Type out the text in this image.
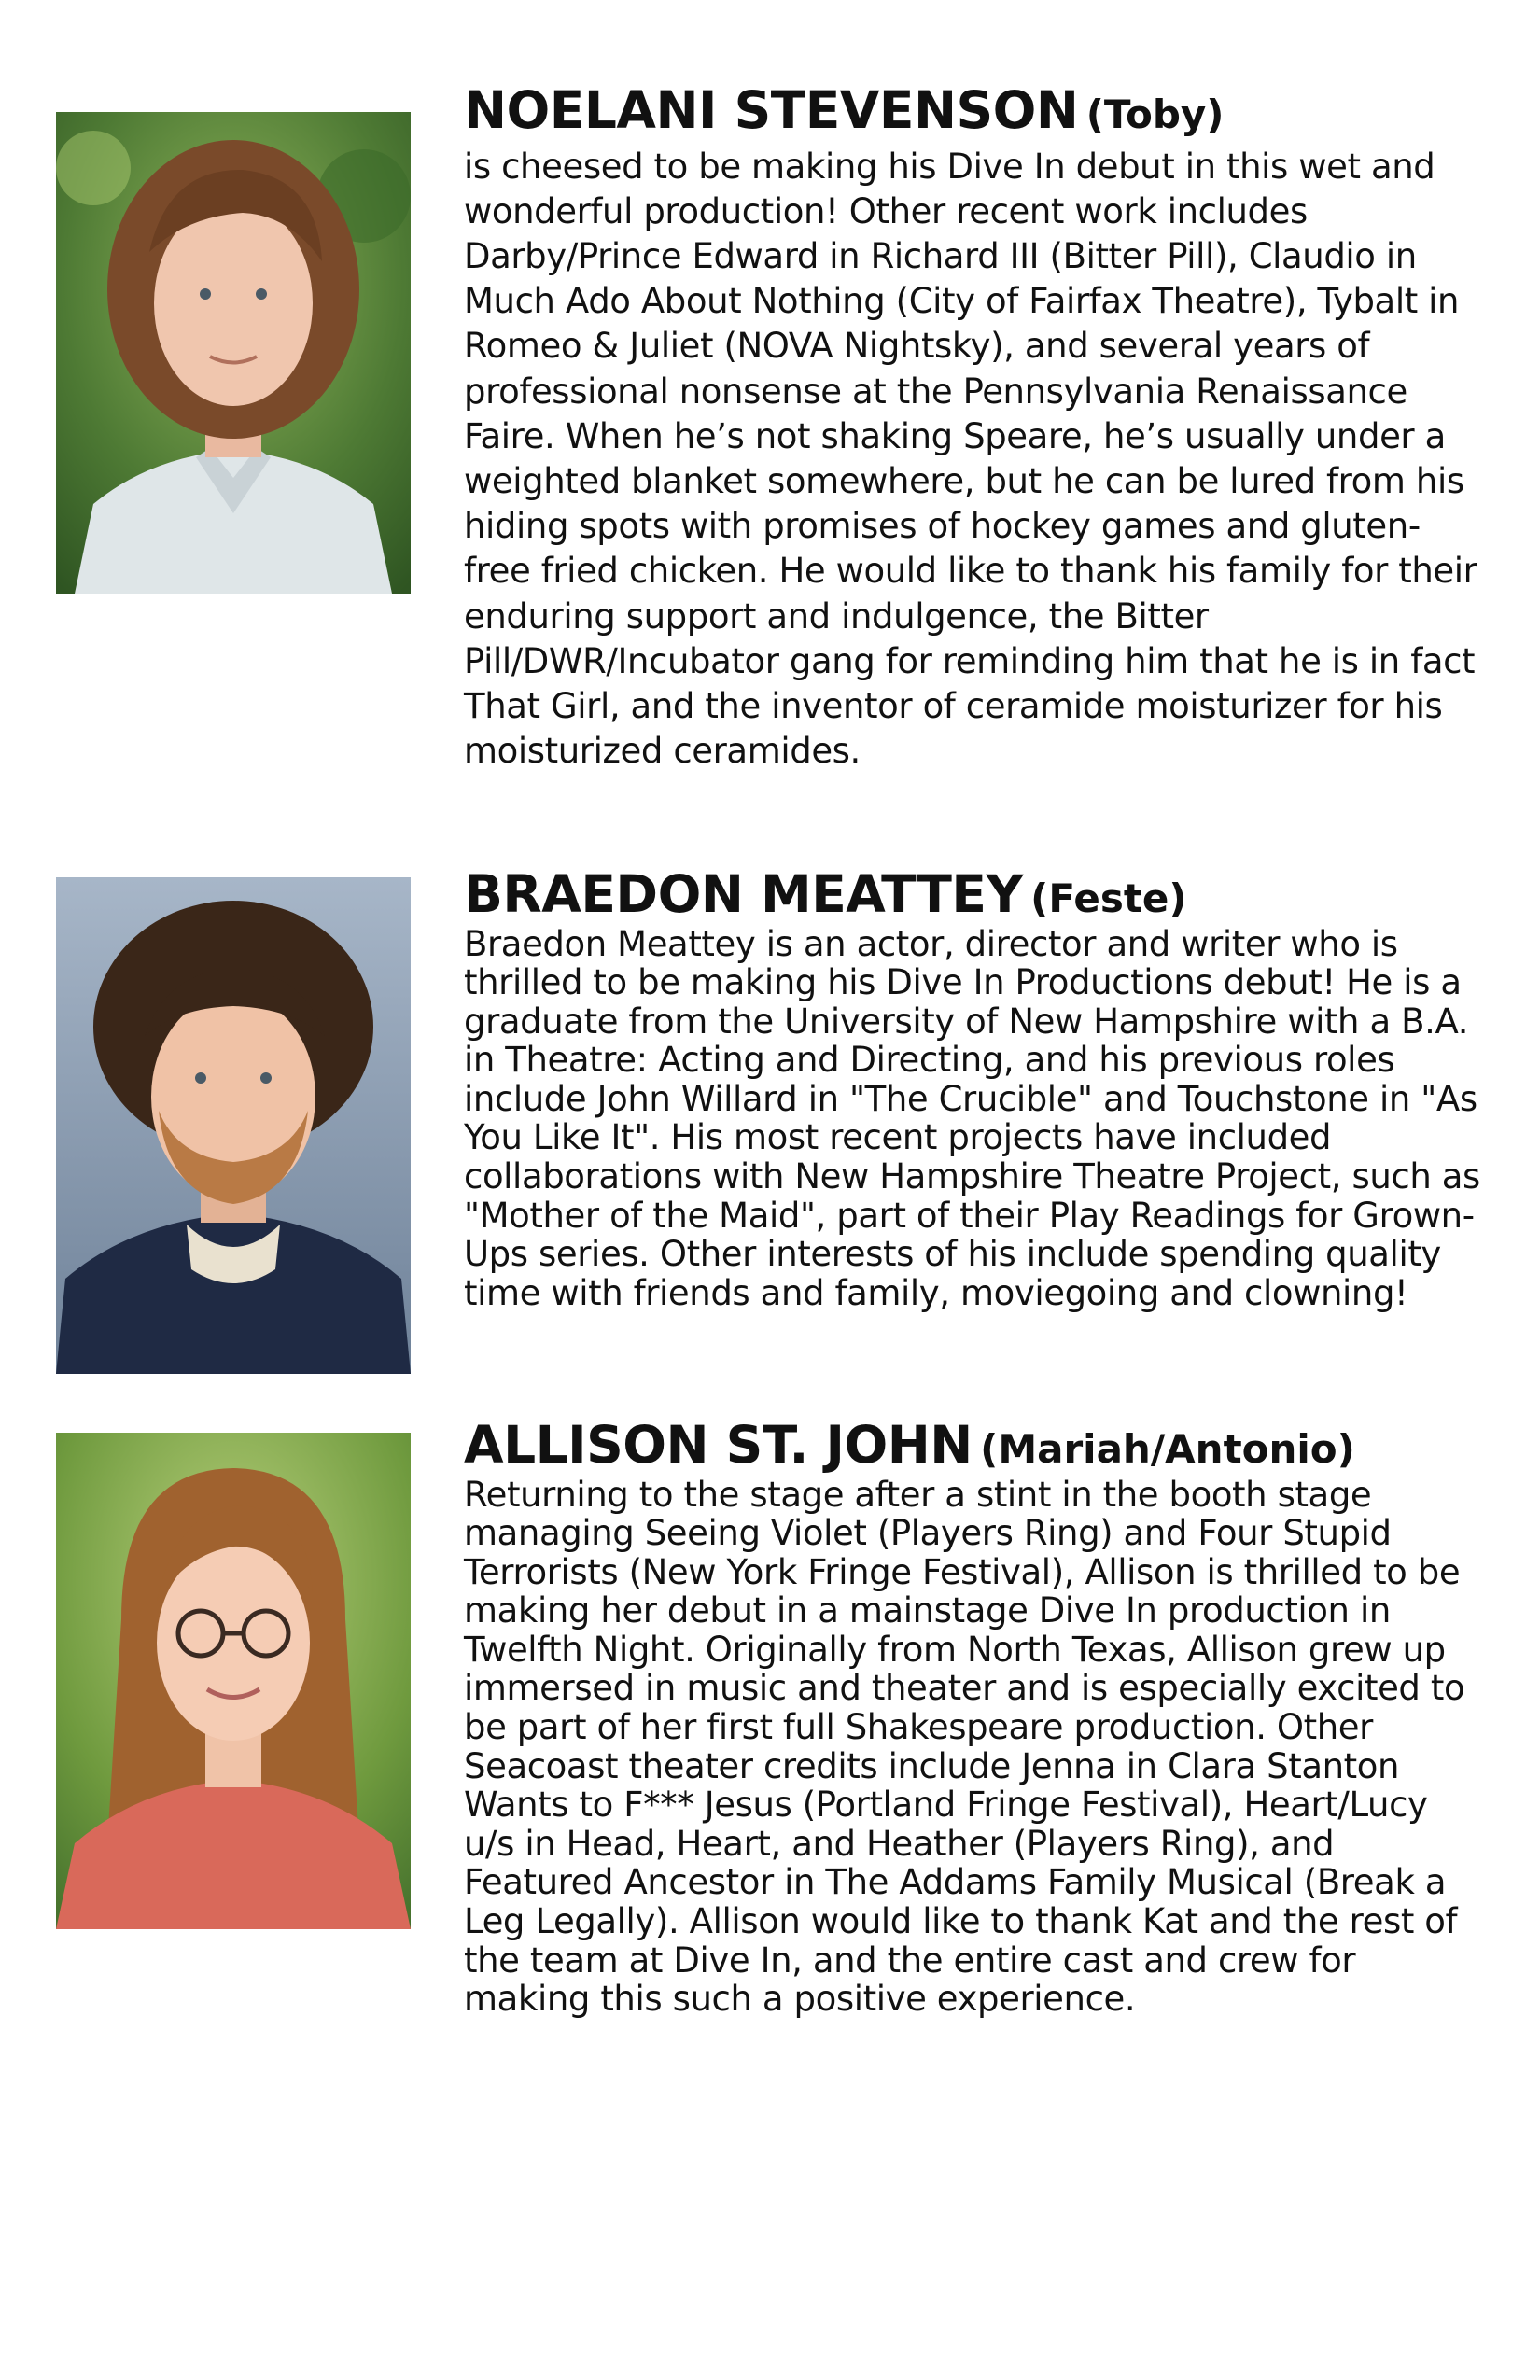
NOELANI STEVENSON (Toby)

is cheesed to be making his Dive In debut in this wet and wonderful production! Other recent work includes Darby/Prince Edward in Richard III (Bitter Pill), Claudio in Much Ado About Nothing (City of Fairfax Theatre), Tybalt in Romeo & Juliet (NOVA Nightsky), and several years of professional nonsense at the Pennsylvania Renaissance Faire. When he’s not shaking Speare, he’s usually under a weighted blanket somewhere, but he can be lured from his hiding spots with promises of hockey games and gluten-free fried chicken. He would like to thank his family for their enduring support and indulgence, the Bitter Pill/DWR/Incubator gang for reminding him that he is in fact That Girl, and the inventor of ceramide moisturizer for his moisturized ceramides.

BRAEDON MEATTEY (Feste)

Braedon Meattey is an actor, director and writer who is thrilled to be making his Dive In Productions debut! He is a graduate from the University of New Hampshire with a B.A. in Theatre: Acting and Directing, and his previous roles include John Willard in "The Crucible" and Touchstone in "As You Like It". His most recent projects have included collaborations with New Hampshire Theatre Project, such as "Mother of the Maid", part of their Play Readings for Grown-Ups series. Other interests of his include spending quality time with friends and family, moviegoing and clowning!

ALLISON ST. JOHN (Mariah/Antonio)

Returning to the stage after a stint in the booth stage managing Seeing Violet (Players Ring) and Four Stupid Terrorists (New York Fringe Festival), Allison is thrilled to be making her debut in a mainstage Dive In production in Twelfth Night. Originally from North Texas, Allison grew up immersed in music and theater and is especially excited to be part of her first full Shakespeare production. Other Seacoast theater credits include Jenna in Clara Stanton Wants to F*** Jesus (Portland Fringe Festival), Heart/Lucy u/s in Head, Heart, and Heather (Players Ring), and Featured Ancestor in The Addams Family Musical (Break a Leg Legally). Allison would like to thank Kat and the rest of the team at Dive In, and the entire cast and crew for making this such a positive experience.
